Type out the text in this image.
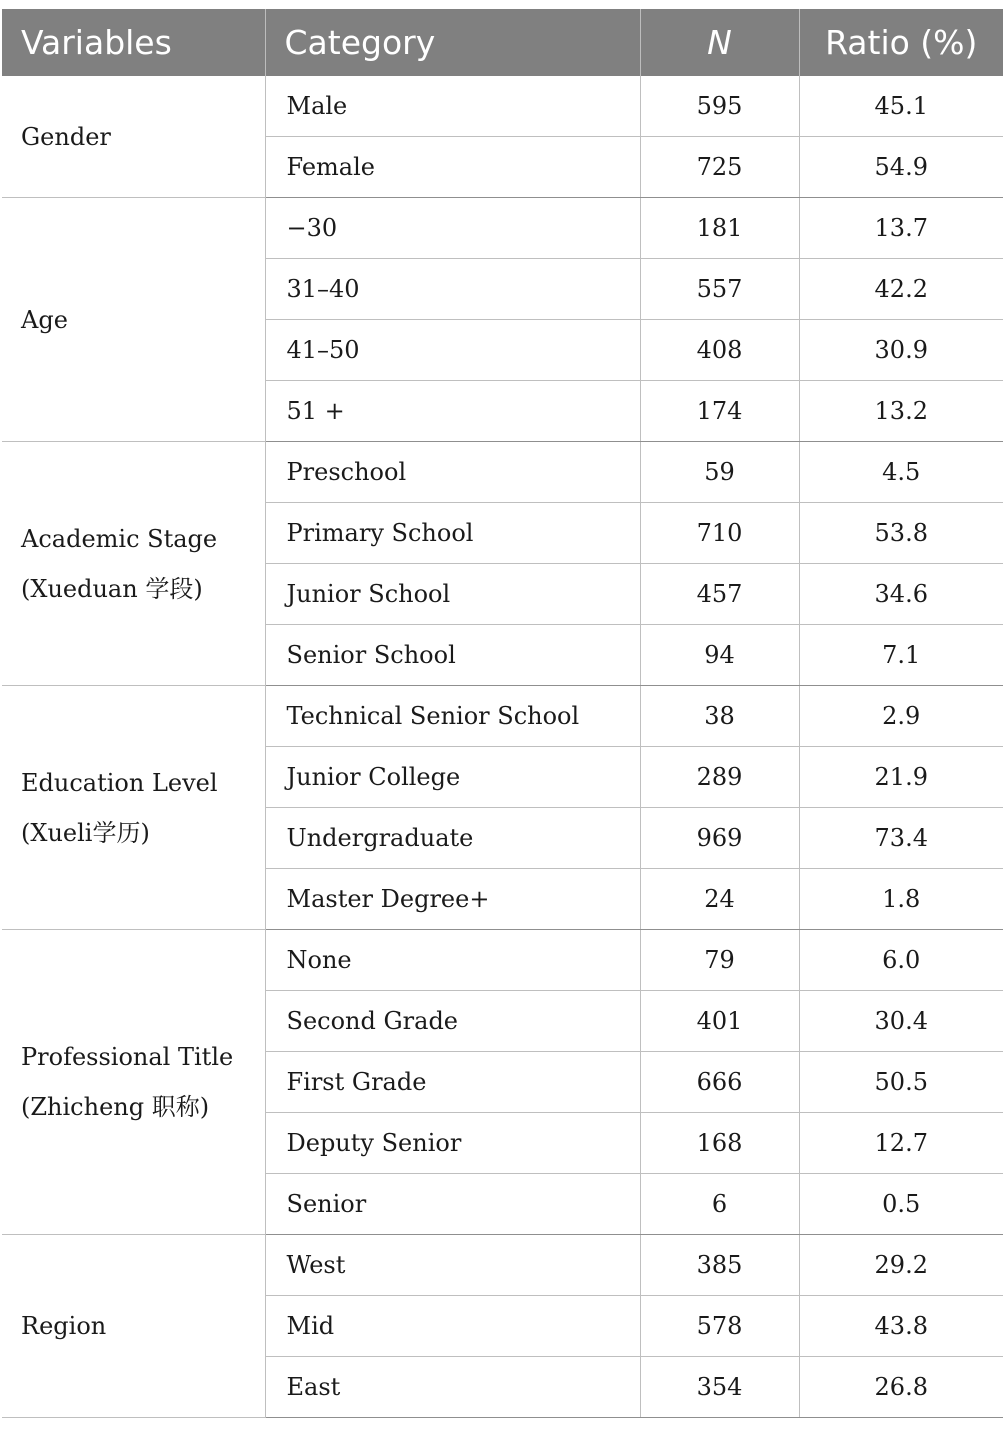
Variables	Category	N	Ratio (%)

Gender	Male	595	45.1
	Female	725	54.9

Age	−30	181	13.7
	31–40	557	42.2
	41–50	408	30.9
	51 +	174	13.2

Academic Stage
(Xueduan 学段)	Preschool	59	4.5
	Primary School	710	53.8
	Junior School	457	34.6
	Senior School	94	7.1

Education Level
(Xueli学历)	Technical Senior School	38	2.9
	Junior College	289	21.9
	Undergraduate	969	73.4
	Master Degree+	24	1.8

Professional Title
(Zhicheng 职称)	None	79	6.0
	Second Grade	401	30.4
	First Grade	666	50.5
	Deputy Senior	168	12.7
	Senior	6	0.5

Region	West	385	29.2
	Mid	578	43.8
	East	354	26.8
